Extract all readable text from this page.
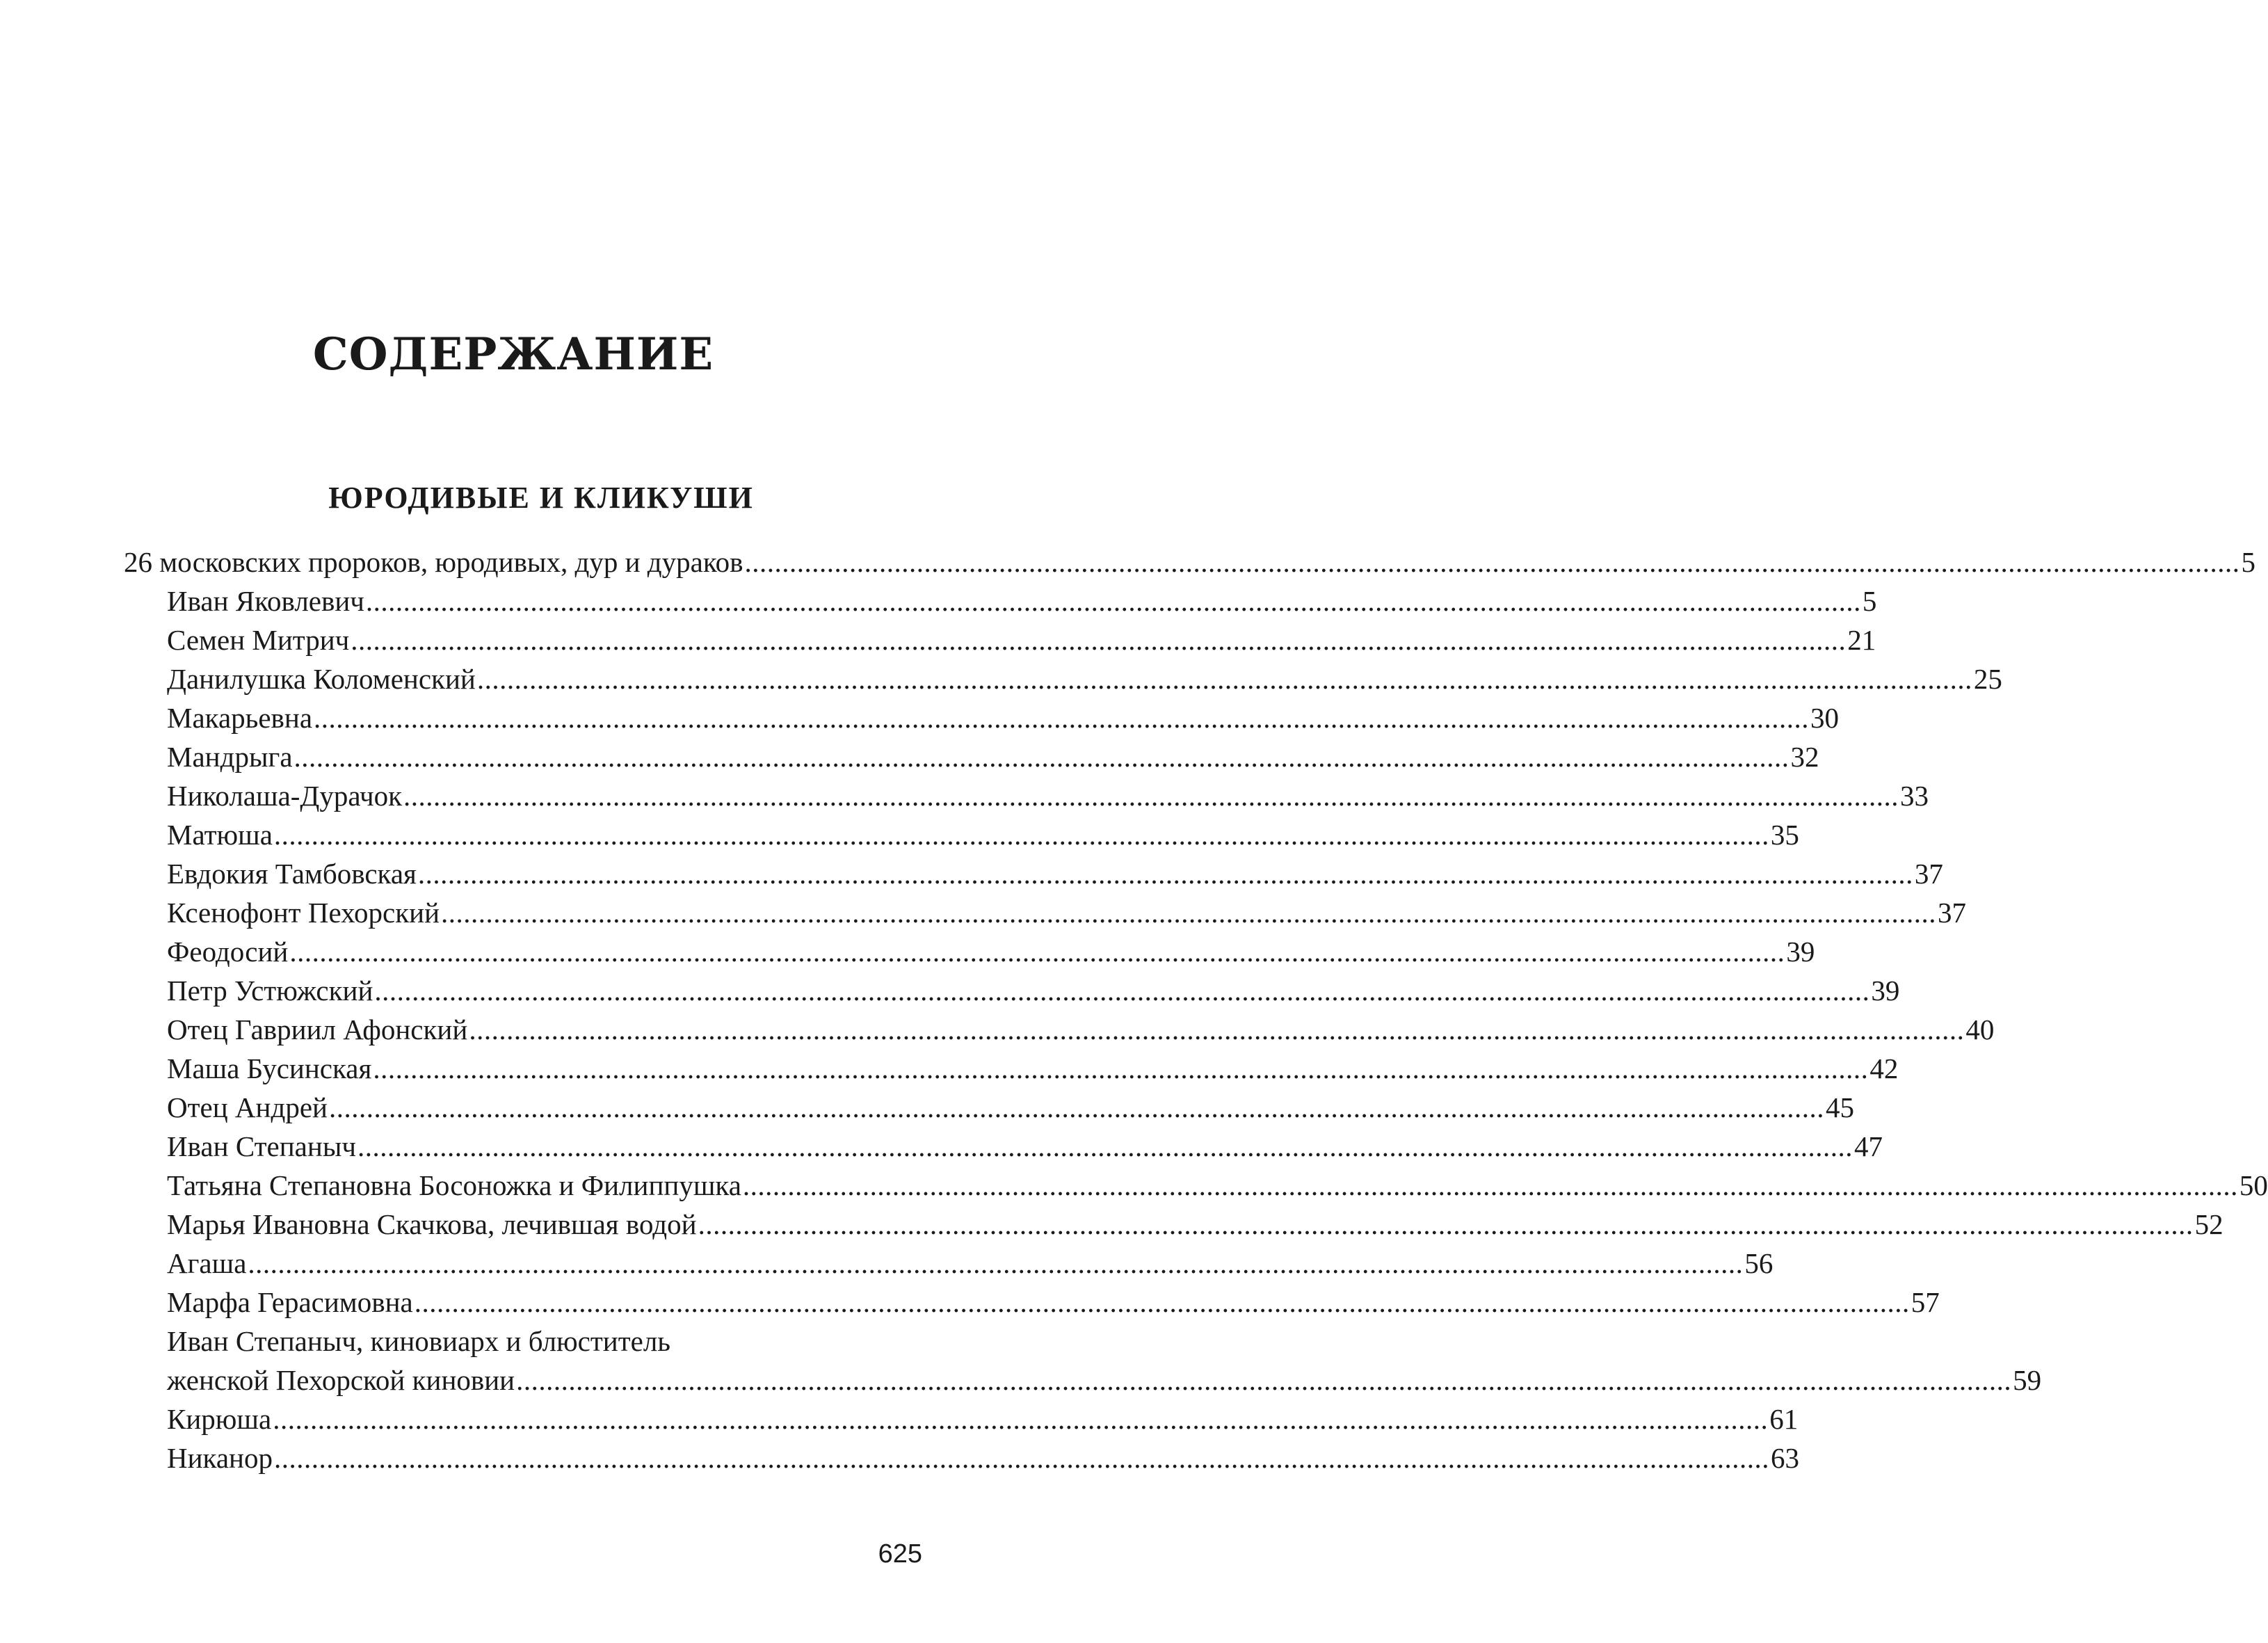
СОДЕРЖАНИЕ
ЮРОДИВЫЕ И КЛИКУШИ
26 московских пророков, юродивых, дур и дураков ........................................................................................................................................................................................................ 5
Иван Яковлевич ........................................................................................................................................................................................................ 5
Семен Митрич ........................................................................................................................................................................................................ 21
Данилушка Коломенский ........................................................................................................................................................................................................ 25
Макарьевна ........................................................................................................................................................................................................ 30
Мандрыга ........................................................................................................................................................................................................ 32
Николаша-Дурачок ........................................................................................................................................................................................................ 33
Матюша ........................................................................................................................................................................................................ 35
Евдокия Тамбовская ........................................................................................................................................................................................................ 37
Ксенофонт Пехорский ........................................................................................................................................................................................................ 37
Феодосий ........................................................................................................................................................................................................ 39
Петр Устюжский ........................................................................................................................................................................................................ 39
Отец Гавриил Афонский ........................................................................................................................................................................................................ 40
Маша Бусинская ........................................................................................................................................................................................................ 42
Отец Андрей ........................................................................................................................................................................................................ 45
Иван Степаныч ........................................................................................................................................................................................................ 47
Татьяна Степановна Босоножка и Филиппушка ........................................................................................................................................................................................................ 50
Марья Ивановна Скачкова, лечившая водой ........................................................................................................................................................................................................ 52
Агаша ........................................................................................................................................................................................................ 56
Марфа Герасимовна ........................................................................................................................................................................................................ 57
Иван Степаныч, киновиарх и блюститель
женской Пехорской киновии ........................................................................................................................................................................................................ 59
Кирюша ........................................................................................................................................................................................................ 61
Никанор ........................................................................................................................................................................................................ 63
625
